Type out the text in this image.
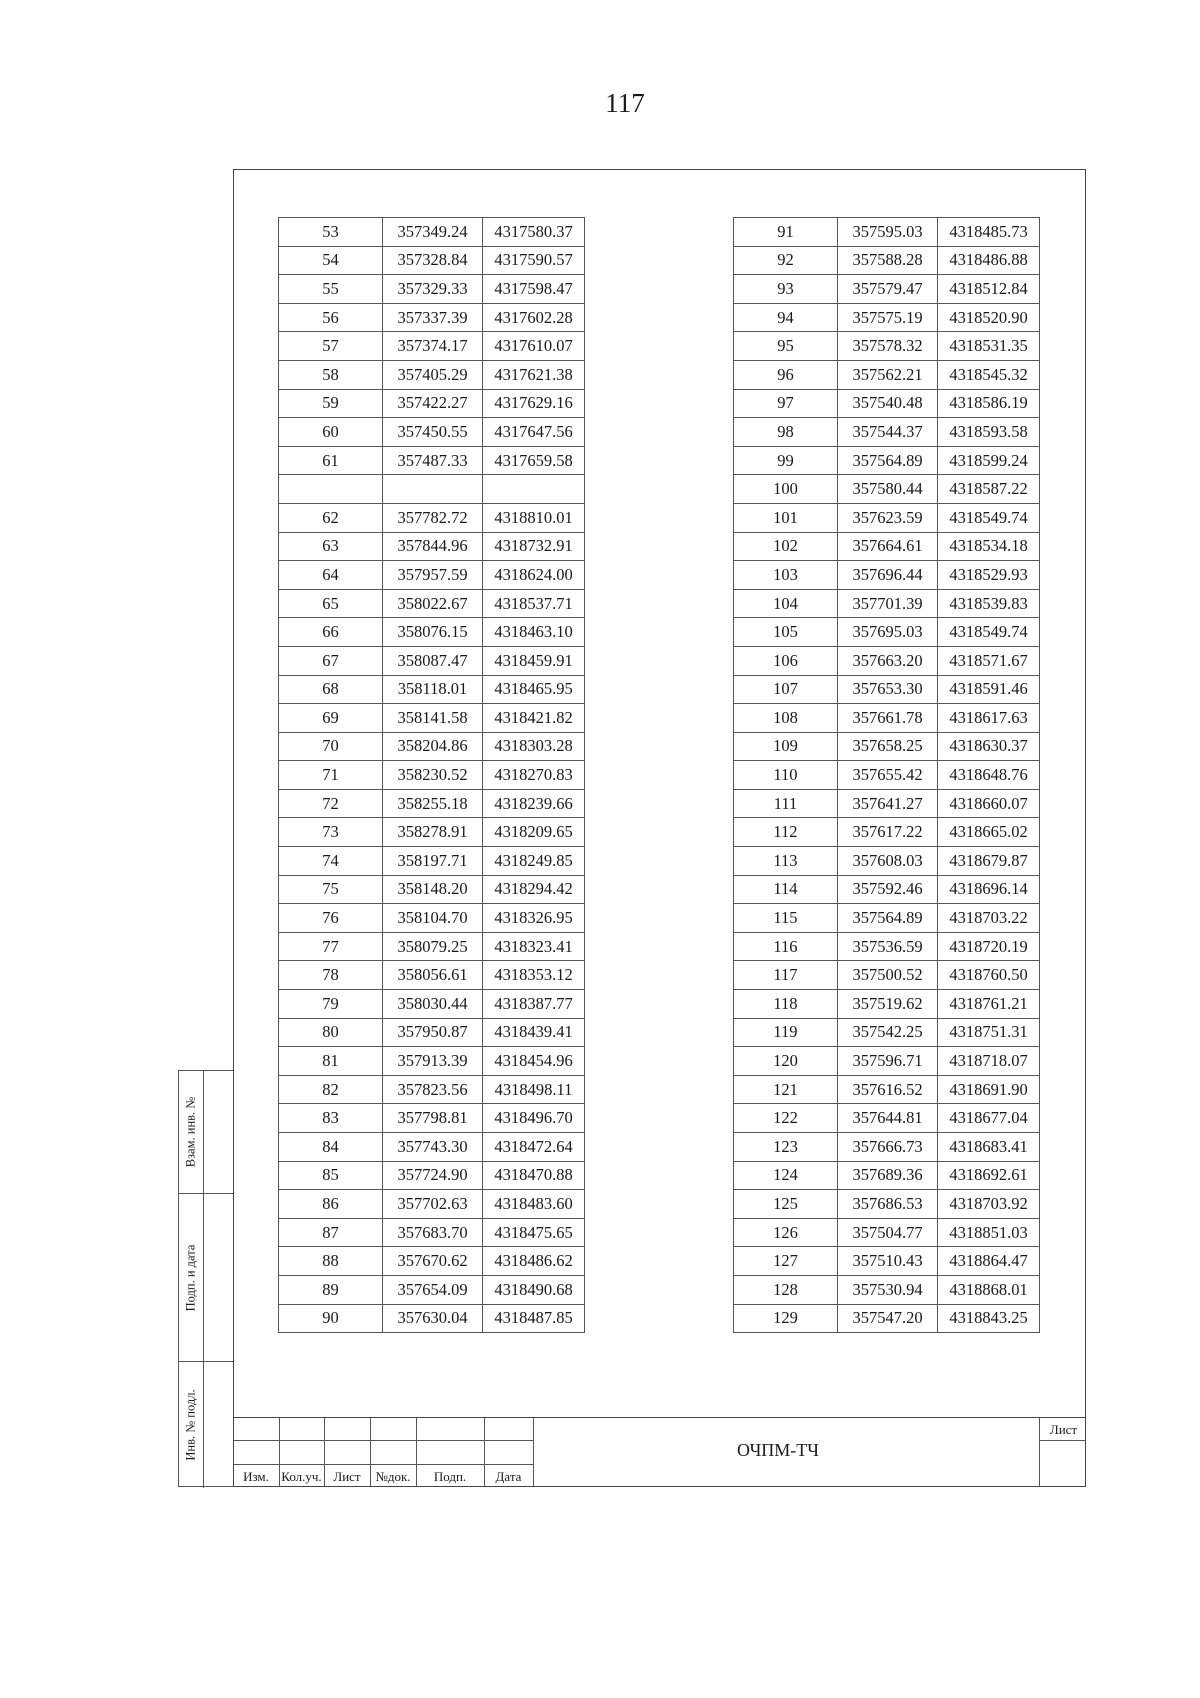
117
53	357349.24	4317580.37
54	357328.84	4317590.57
55	357329.33	4317598.47
56	357337.39	4317602.28
57	357374.17	4317610.07
58	357405.29	4317621.38
59	357422.27	4317629.16
60	357450.55	4317647.56
61	357487.33	4317659.58

62	357782.72	4318810.01
63	357844.96	4318732.91
64	357957.59	4318624.00
65	358022.67	4318537.71
66	358076.15	4318463.10
67	358087.47	4318459.91
68	358118.01	4318465.95
69	358141.58	4318421.82
70	358204.86	4318303.28
71	358230.52	4318270.83
72	358255.18	4318239.66
73	358278.91	4318209.65
74	358197.71	4318249.85
75	358148.20	4318294.42
76	358104.70	4318326.95
77	358079.25	4318323.41
78	358056.61	4318353.12
79	358030.44	4318387.77
80	357950.87	4318439.41
81	357913.39	4318454.96
82	357823.56	4318498.11
83	357798.81	4318496.70
84	357743.30	4318472.64
85	357724.90	4318470.88
86	357702.63	4318483.60
87	357683.70	4318475.65
88	357670.62	4318486.62
89	357654.09	4318490.68
90	357630.04	4318487.85
91	357595.03	4318485.73
92	357588.28	4318486.88
93	357579.47	4318512.84
94	357575.19	4318520.90
95	357578.32	4318531.35
96	357562.21	4318545.32
97	357540.48	4318586.19
98	357544.37	4318593.58
99	357564.89	4318599.24
100	357580.44	4318587.22
101	357623.59	4318549.74
102	357664.61	4318534.18
103	357696.44	4318529.93
104	357701.39	4318539.83
105	357695.03	4318549.74
106	357663.20	4318571.67
107	357653.30	4318591.46
108	357661.78	4318617.63
109	357658.25	4318630.37
110	357655.42	4318648.76
111	357641.27	4318660.07
112	357617.22	4318665.02
113	357608.03	4318679.87
114	357592.46	4318696.14
115	357564.89	4318703.22
116	357536.59	4318720.19
117	357500.52	4318760.50
118	357519.62	4318761.21
119	357542.25	4318751.31
120	357596.71	4318718.07
121	357616.52	4318691.90
122	357644.81	4318677.04
123	357666.73	4318683.41
124	357689.36	4318692.61
125	357686.53	4318703.92
126	357504.77	4318851.03
127	357510.43	4318864.47
128	357530.94	4318868.01
129	357547.20	4318843.25
Взам. инв. №
Подп. и дата
Инв. № подл.
Изм. Кол.уч. Лист	№док.	Подп.	Дата
ОЧПМ-ТЧ
Лист
